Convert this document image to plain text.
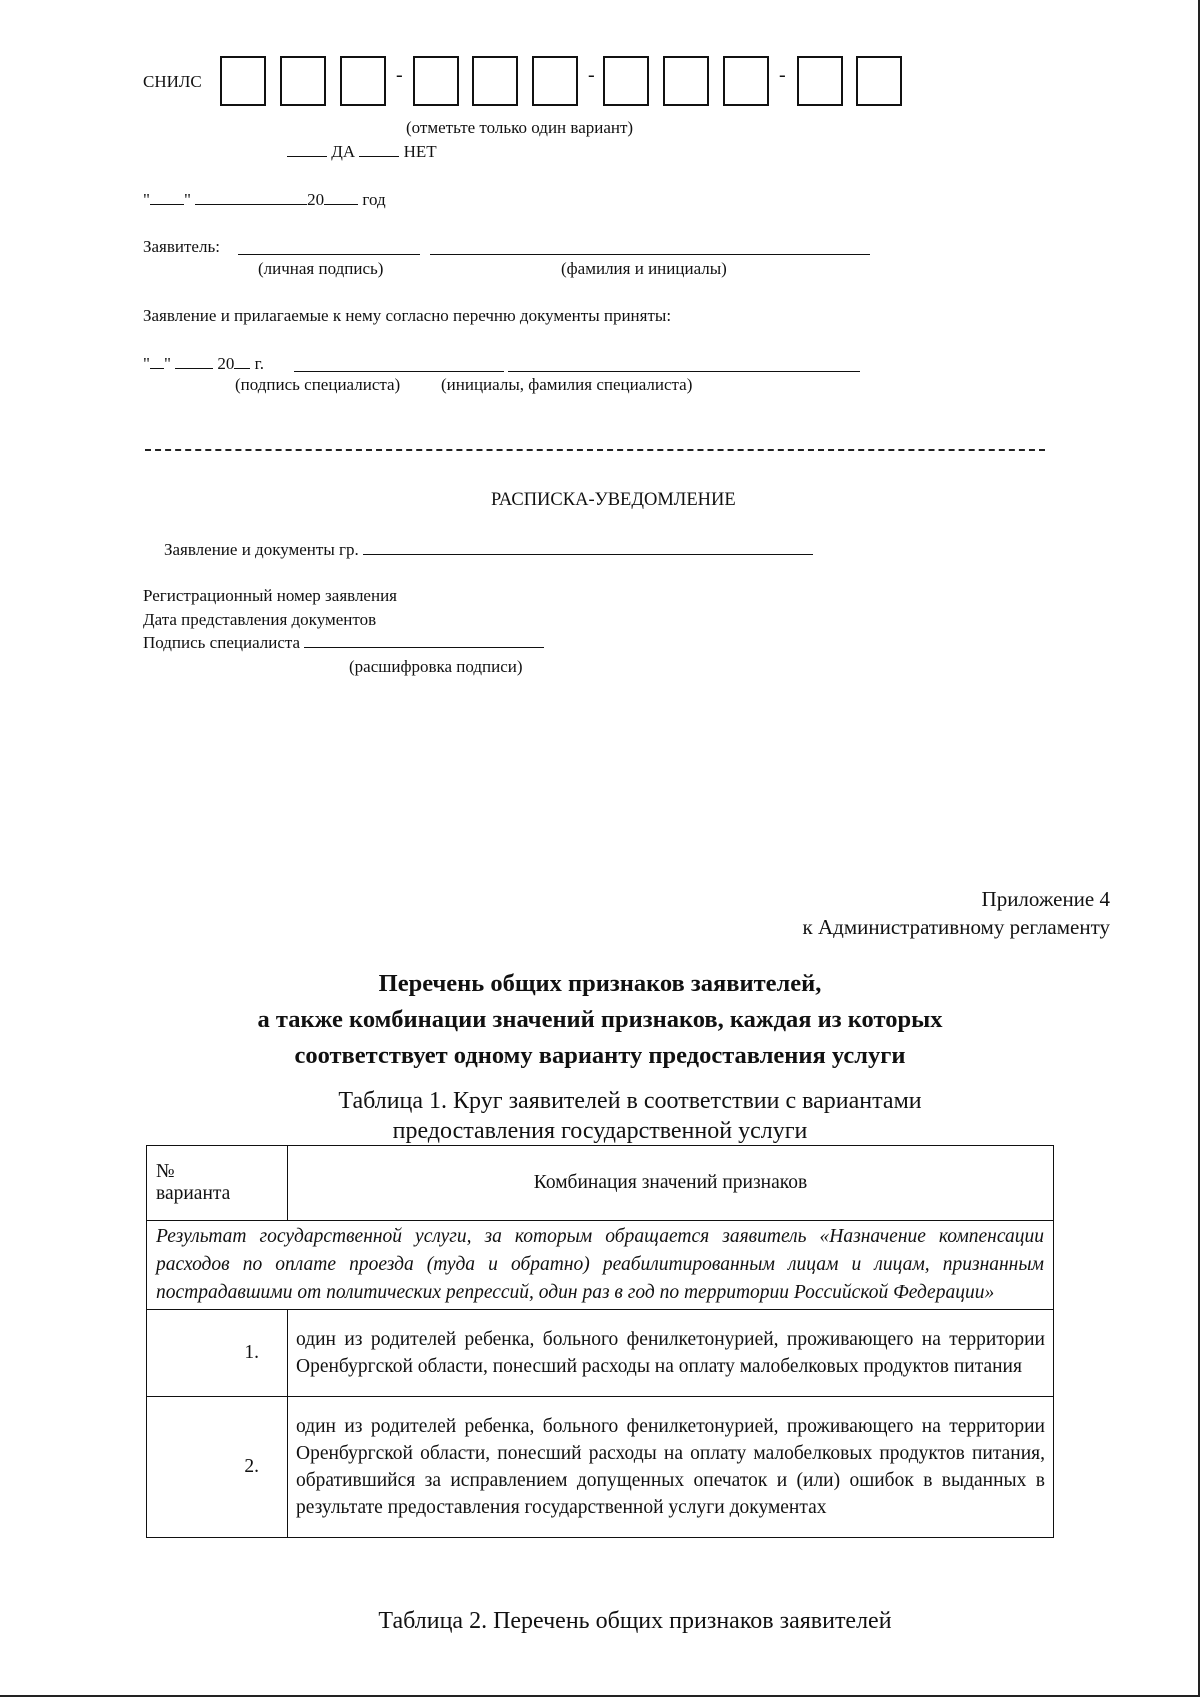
СНИЛС	-	-	-
(отметьте только один вариант)
ДА	НЕТ
" "	20 год
Заявитель:
(личная подпись)	(фамилия и инициалы)
Заявление и прилагаемые к нему согласно перечню документы приняты:
" "	20 г.
(подпись специалиста) (инициалы, фамилия специалиста)
РАСПИСКА-УВЕДОМЛЕНИЕ
Заявление и документы гр.
Регистрационный номер заявления
Дата представления документов
Подпись специалиста
(расшифровка подписи)
Приложение 4
к Административному регламенту
Перечень общих признаков заявителей,
а также комбинации значений признаков, каждая из которых
соответствует одному варианту предоставления услуги
Таблица 1. Круг заявителей в соответствии с вариантами
предоставления государственной услуги
№
варианта	Комбинация значений признаков
Результат государственной услуги, за которым обращается заявитель «Назначение компенсации расходов по оплате проезда (туда и обратно) реабилитированным лицам и лицам, признанным пострадавшими от политических репрессий, один раз в год по территории Российской Федерации»	
1.	один из родителей ребенка, больного фенилкетонурией, проживающего на территории Оренбургской области, понесший расходы на оплату малобелковых продуктов питания
2.	один из родителей ребенка, больного фенилкетонурией, проживающего на территории Оренбургской области, понесший расходы на оплату малобелковых продуктов питания, обратившийся за исправлением допущенных опечаток и (или) ошибок в выданных в результате предоставления государственной услуги документах
Таблица 2. Перечень общих признаков заявителей
